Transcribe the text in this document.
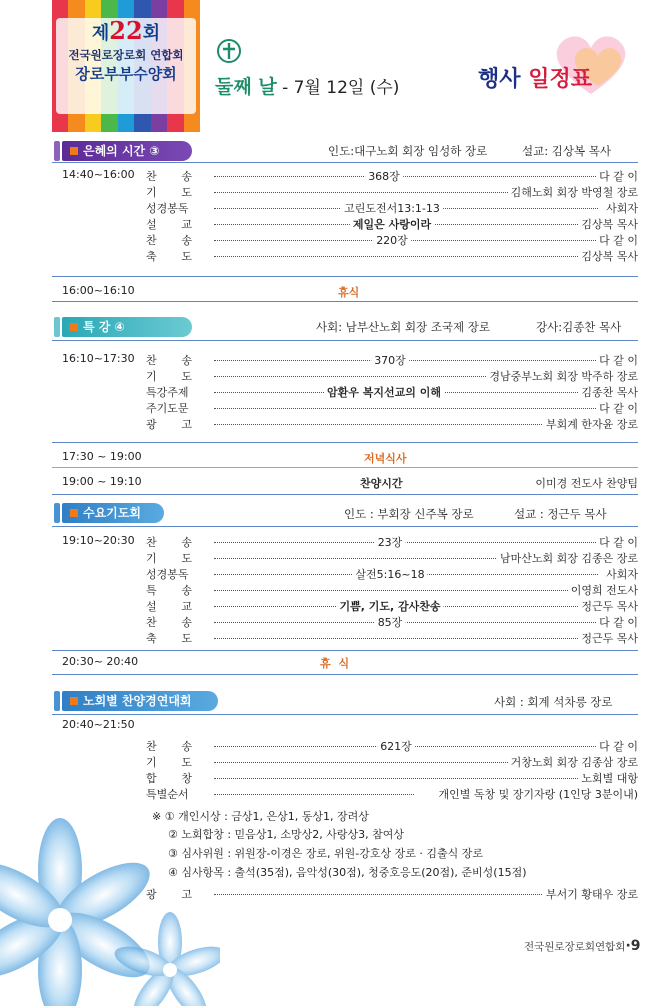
제22회
전국원로장로회 연합회
장로부부수양회
둘째 날 - 7월 12일 (수)	행사 일정표
은혜의 시간 ③	인도:대구노회 회장 임성하 장로	설교: 김상복 목사
14:40~16:00 찬 송	368장	다 같 이
기 도	김해노회 회장 박영철 장로
성경봉독	고린도전서13:1-13	사회자
설 교	제일은 사랑이라	김상복 목사
찬 송	220장	다 같 이
축 도	김상복 목사
16:00~16:10	휴식
특 강 ④	사회: 남부산노회 회장 조국제 장로	강사:김종찬 목사
16:10~17:30 찬 송	370장	다 같 이
기 도	경남중부노회 회장 박주하 장로
특강주제	암환우 복지선교의 이해	김종찬 목사
주기도문	다 같 이
광 고	부회계 한자윤 장로
17:30 ~ 19:00	저녁식사
19:00 ~ 19:10	찬양시간	이미경 전도사 찬양팀
수요기도회	인도 : 부회장 신주복 장로	설교 : 정근두 목사
19:10~20:30 찬 송	23장	다 같 이
기 도	남마산노회 회장 김종은 장로
성경봉독	살전5:16~18	사회자
특 송	이영희 전도사
설 교	기쁨, 기도, 감사찬송	정근두 목사
찬 송	85장	다 같 이
축 도	정근두 목사
20:30~ 20:40	휴 식
노회별 찬양경연대회	사회 : 회계 석차릉 장로
20:40~21:50
찬 송	621장	다 같 이
기 도	거창노회 회장 김종삼 장로
합 창	노회별 대항
특별순서	개인별 독창 및 장기자랑 (1인당 3분이내)
※ ① 개인시상 : 금상1, 은상1, 동상1, 장려상
② 노회합창 : 믿음상1, 소망상2, 사랑상3, 참여상
③ 심사위원 : 위원장-이경은 장로, 위원-강호상 장로 · 김출식 장로
④ 심사항목 : 출석(35점), 음악성(30점), 청중호응도(20점), 준비성(15점)
광 고	부서기 황태우 장로
전국원로장로회연합회·9
